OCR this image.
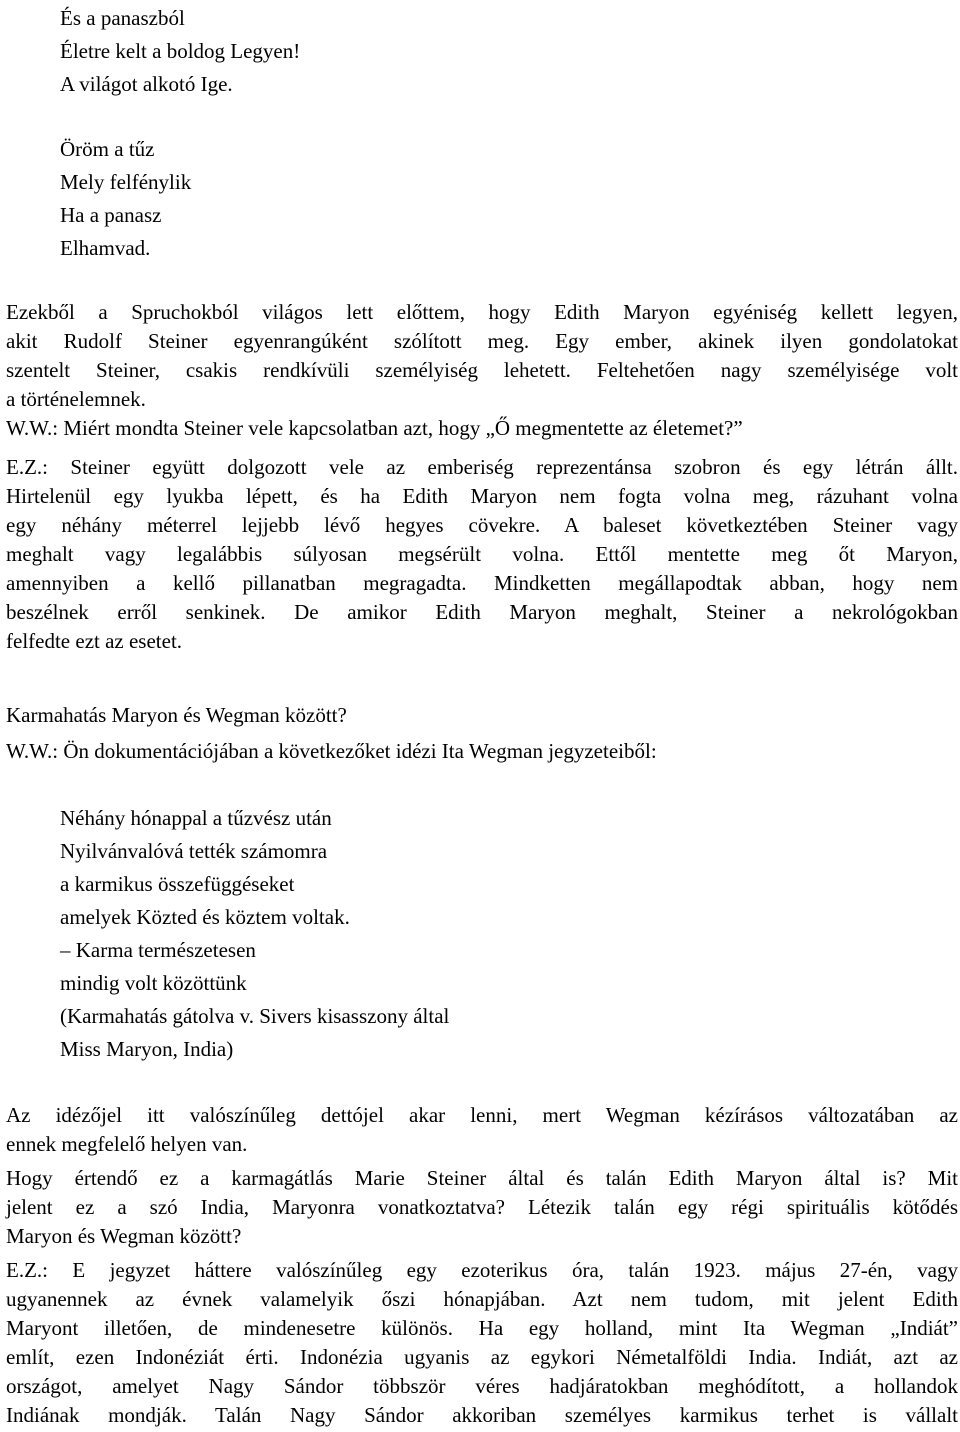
És a panaszból
Életre kelt a boldog Legyen!
A világot alkotó Ige.
Öröm a tűz
Mely felfénylik
Ha a panasz
Elhamvad.
Ezekből a Spruchokból világos lett előttem, hogy Edith Maryon egyéniség kellett legyen,
akit Rudolf Steiner egyenrangúként szólított meg. Egy ember, akinek ilyen gondolatokat
szentelt Steiner, csakis rendkívüli személyiség lehetett. Feltehetően nagy személyisége volt
a történelemnek.
W.W.: Miért mondta Steiner vele kapcsolatban azt, hogy „Ő megmentette az életemet?”
E.Z.: Steiner együtt dolgozott vele az emberiség reprezentánsa szobron és egy létrán állt.
Hirtelenül egy lyukba lépett, és ha Edith Maryon nem fogta volna meg, rázuhant volna
egy néhány méterrel lejjebb lévő hegyes cövekre. A baleset következtében Steiner vagy
meghalt vagy legalábbis súlyosan megsérült volna. Ettől mentette meg őt Maryon,
amennyiben a kellő pillanatban megragadta. Mindketten megállapodtak abban, hogy nem
beszélnek erről senkinek. De amikor Edith Maryon meghalt, Steiner a nekrológokban
felfedte ezt az esetet.
Karmahatás Maryon és Wegman között?
W.W.: Ön dokumentációjában a következőket idézi Ita Wegman jegyzeteiből:
Néhány hónappal a tűzvész után
Nyilvánvalóvá tették számomra
a karmikus összefüggéseket
amelyek Közted és köztem voltak.
– Karma természetesen
mindig volt közöttünk
(Karmahatás gátolva v. Sivers kisasszony által
Miss Maryon, India)
Az idézőjel itt valószínűleg dettójel akar lenni, mert Wegman kézírásos változatában az
ennek megfelelő helyen van.
Hogy értendő ez a karmagátlás Marie Steiner által és talán Edith Maryon által is? Mit
jelent ez a szó India, Maryonra vonatkoztatva? Létezik talán egy régi spirituális kötődés
Maryon és Wegman között?
E.Z.: E jegyzet háttere valószínűleg egy ezoterikus óra, talán 1923. május 27-én, vagy
ugyanennek az évnek valamelyik őszi hónapjában. Azt nem tudom, mit jelent Edith
Maryont illetően, de mindenesetre különös. Ha egy holland, mint Ita Wegman „Indiát”
említ, ezen Indonéziát érti. Indonézia ugyanis az egykori Németalföldi India. Indiát, azt az
országot, amelyet Nagy Sándor többször véres hadjáratokban meghódított, a hollandok
Indiának mondják. Talán Nagy Sándor akkoriban személyes karmikus terhet is vállalt
